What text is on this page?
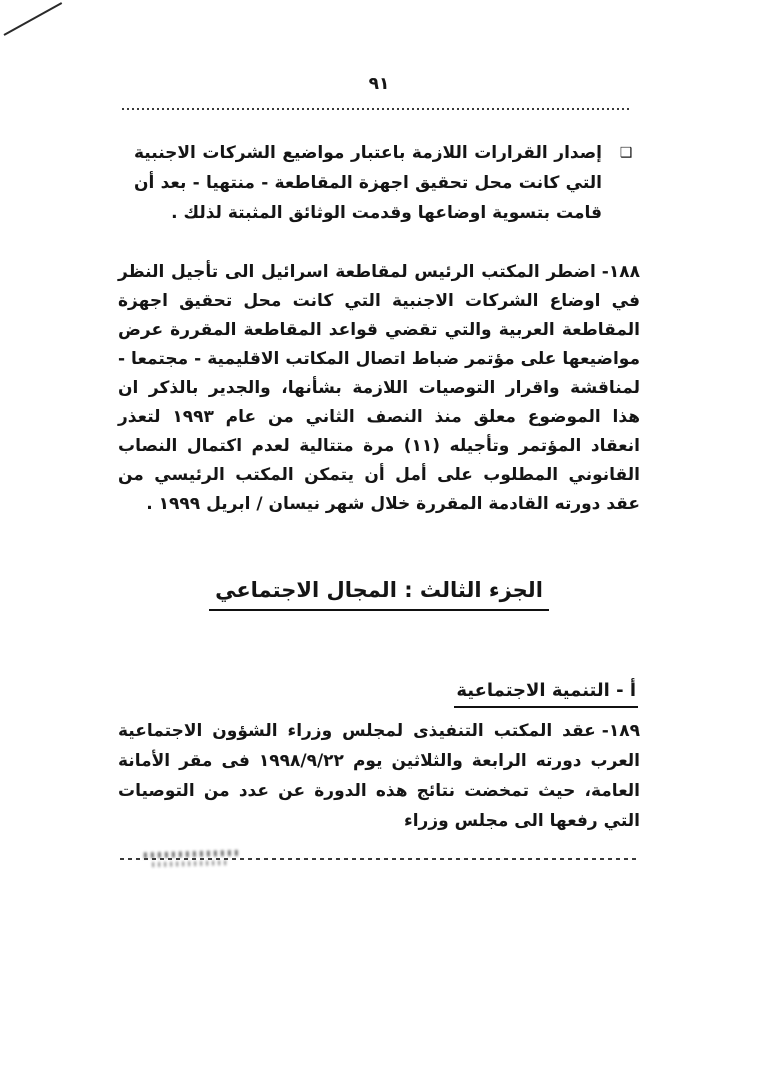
٩١
❑
إصدار القرارات اللازمة باعتبار مواضيع الشركات الاجنبية التي كانت محل تحقيق اجهزة المقاطعة - منتهيا - بعد أن قامت بتسوية اوضاعها وقدمت الوثائق المثبتة لذلك .
١٨٨-اضطر المكتب الرئيس لمقاطعة اسرائيل الى تأجيل النظر في اوضاع الشركات الاجنبية التي كانت محل تحقيق اجهزة المقاطعة العربية والتي تقضي قواعد المقاطعة المقررة عرض مواضيعها على مؤتمر ضباط اتصال المكاتب الاقليمية - مجتمعا - لمناقشة واقرار التوصيات اللازمة بشأنها، والجدير بالذكر ان هذا الموضوع معلق منذ النصف الثاني من عام ١٩٩٣ لتعذر انعقاد المؤتمر وتأجيله (١١) مرة متتالية لعدم اكتمال النصاب القانوني المطلوب على أمل أن يتمكن المكتب الرئيسي من عقد دورته القادمة المقررة خلال شهر نيسان / ابريل ١٩٩٩ .
الجزء الثالث : المجال الاجتماعي
أ - التنمية الاجتماعية
١٨٩-عقد المكتب التنفيذى لمجلس وزراء الشؤون الاجتماعية العرب دورته الرابعة والثلاثين يوم ١٩٩٨/٩/٢٢ فى مقر الأمانة العامة، حيث تمخضت نتائج هذه الدورة عن عدد من التوصيات التي رفعها الى مجلس وزراء
